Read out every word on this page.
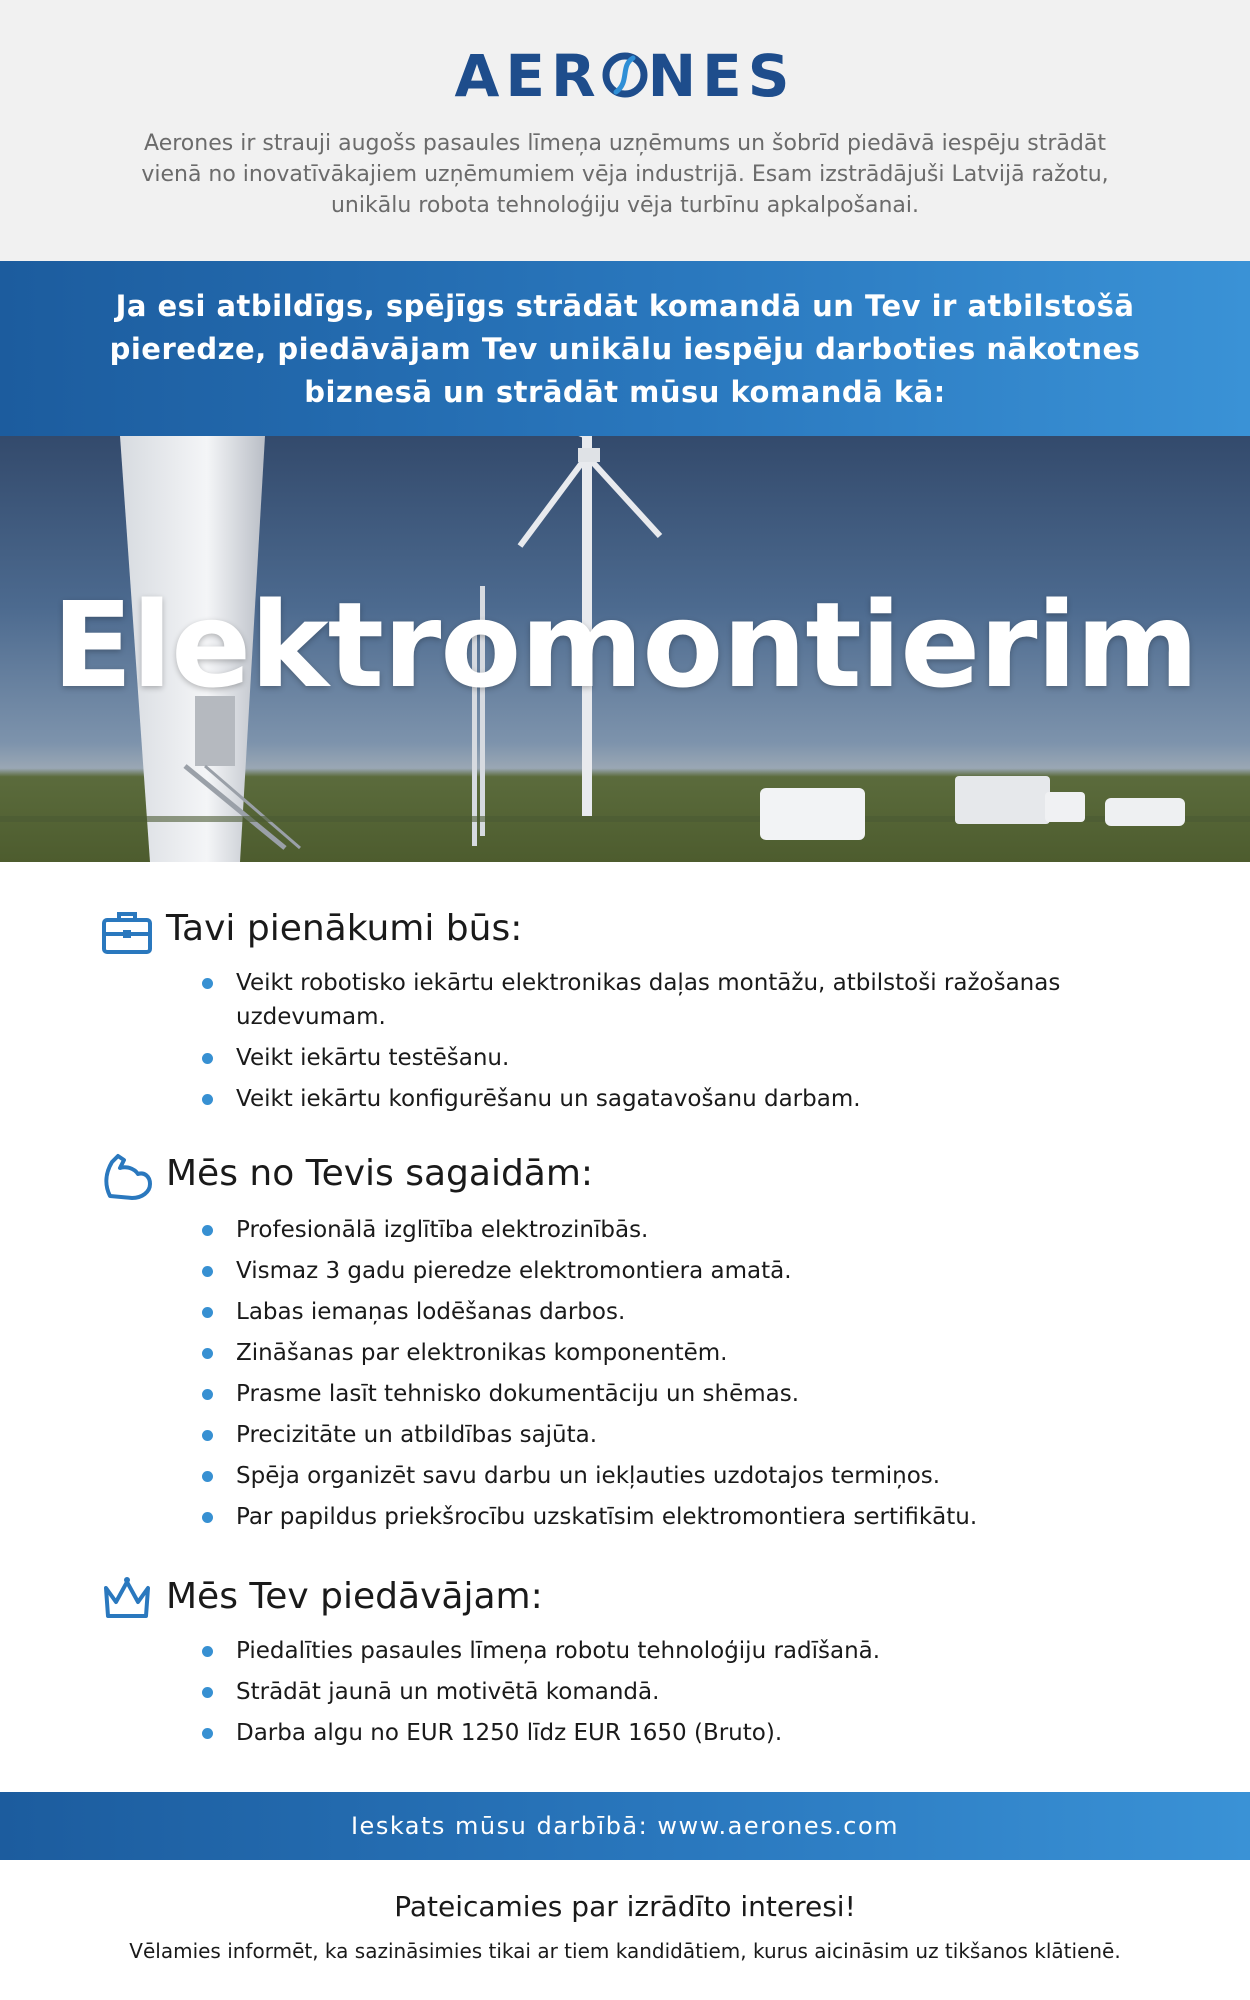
AER NES
Aerones ir strauji augošs pasaules līmeņa uzņēmums un šobrīd piedāvā iespēju strādāt vienā no inovatīvākajiem uzņēmumiem vēja industrijā. Esam izstrādājuši Latvijā ražotu, unikālu robota tehnoloģiju vēja turbīnu apkalpošanai.
Ja esi atbildīgs, spējīgs strādāt komandā un Tev ir atbilstošā pieredze, piedāvājam Tev unikālu iespēju darboties nākotnes biznesā un strādāt mūsu komandā kā:
Elektromontierim
Tavi pienākumi būs:
Veikt robotisko iekārtu elektronikas daļas montāžu, atbilstoši ražošanas uzdevumam.
Veikt iekārtu testēšanu.
Veikt iekārtu konfigurēšanu un sagatavošanu darbam.
Mēs no Tevis sagaidām:
Profesionālā izglītība elektrozinībās.
Vismaz 3 gadu pieredze elektromontiera amatā.
Labas iemaņas lodēšanas darbos.
Zināšanas par elektronikas komponentēm.
Prasme lasīt tehnisko dokumentāciju un shēmas.
Precizitāte un atbildības sajūta.
Spēja organizēt savu darbu un iekļauties uzdotajos termiņos.
Par papildus priekšrocību uzskatīsim elektromontiera sertifikātu.
Mēs Tev piedāvājam:
Piedalīties pasaules līmeņa robotu tehnoloģiju radīšanā.
Strādāt jaunā un motivētā komandā.
Darba algu no EUR 1250 līdz EUR 1650 (Bruto).
Ieskats mūsu darbībā: www.aerones.com
Pateicamies par izrādīto interesi!
Vēlamies informēt, ka sazināsimies tikai ar tiem kandidātiem, kurus aicināsim uz tikšanos klātienē.
